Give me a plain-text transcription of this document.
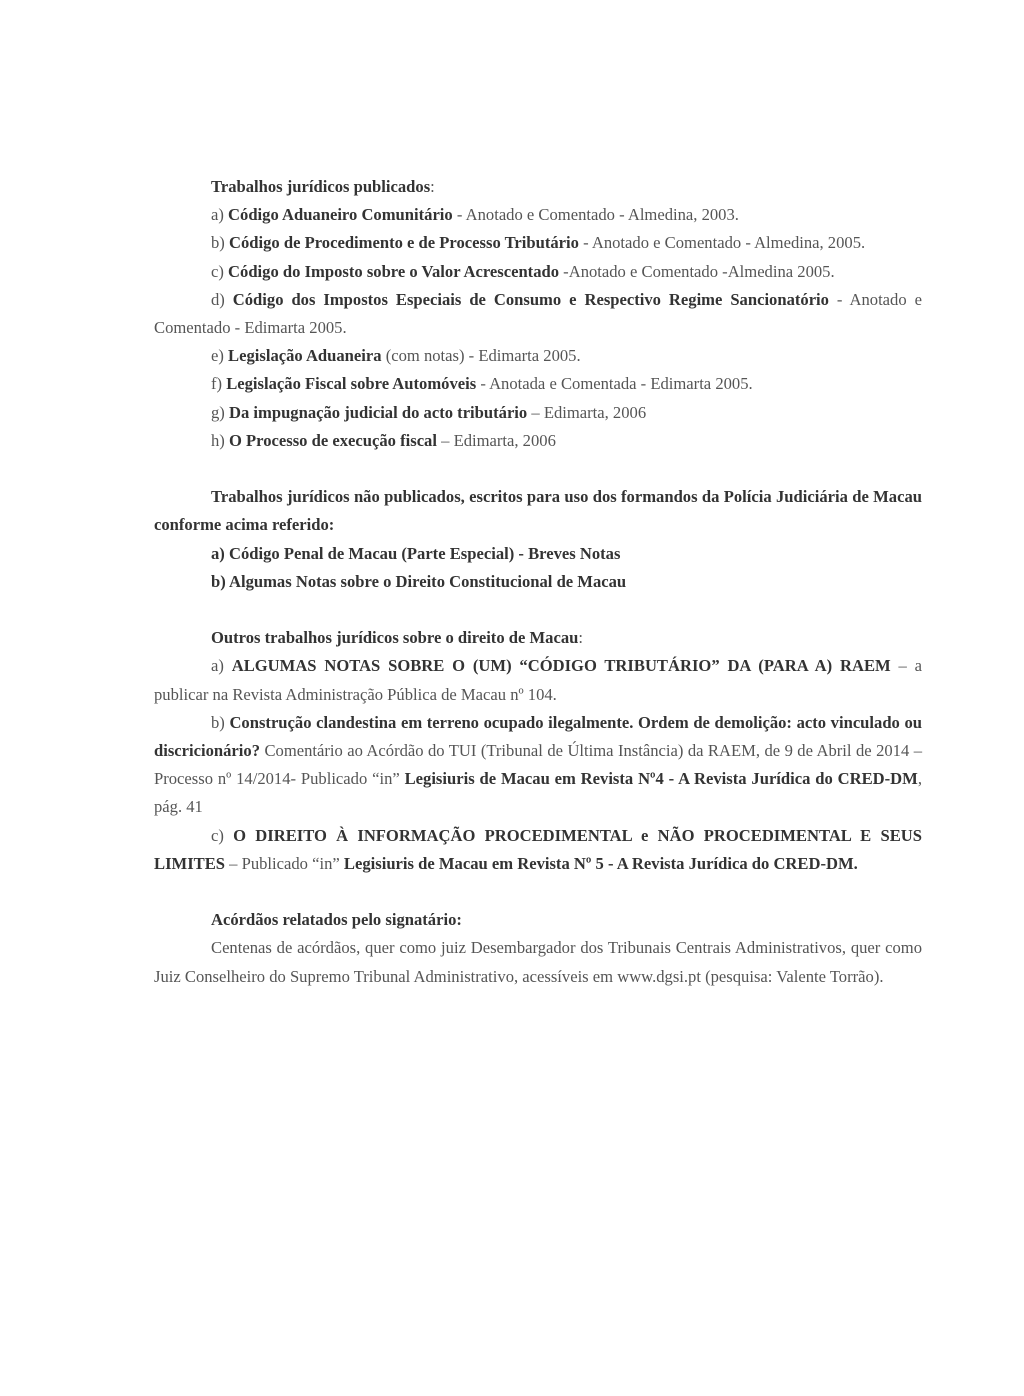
Trabalhos jurídicos publicados:

a) Código Aduaneiro Comunitário - Anotado e Comentado - Almedina, 2003.

b) Código de Procedimento e de Processo Tributário - Anotado e Comentado - Almedina, 2005.

c) Código do Imposto sobre o Valor Acrescentado -Anotado e Comentado -Almedina 2005.

d) Código dos Impostos Especiais de Consumo e Respectivo Regime Sancionatório - Anotado e Comentado - Edimarta 2005.

e) Legislação Aduaneira (com notas) - Edimarta 2005.

f) Legislação Fiscal sobre Automóveis - Anotada e Comentada - Edimarta 2005.

g) Da impugnação judicial do acto tributário – Edimarta, 2006

h) O Processo de execução fiscal – Edimarta, 2006

Trabalhos jurídicos não publicados, escritos para uso dos formandos da Polícia Judiciária de Macau conforme acima referido:

a) Código Penal de Macau (Parte Especial) - Breves Notas

b) Algumas Notas sobre o Direito Constitucional de Macau

Outros trabalhos jurídicos sobre o direito de Macau:

a) ALGUMAS NOTAS SOBRE O (UM) “CÓDIGO TRIBUTÁRIO” DA (PARA A) RAEM – a publicar na Revista Administração Pública de Macau nº 104.

b) Construção clandestina em terreno ocupado ilegalmente. Ordem de demolição: acto vinculado ou discricionário? Comentário ao Acórdão do TUI (Tribunal de Última Instância) da RAEM, de 9 de Abril de 2014 – Processo nº 14/2014- Publicado “in” Legisiuris de Macau em Revista Nº4 - A Revista Jurídica do CRED-DM, pág. 41

c) O DIREITO À INFORMAÇÃO PROCEDIMENTAL e NÃO PROCEDIMENTAL E SEUS LIMITES – Publicado “in” Legisiuris de Macau em Revista Nº 5 - A Revista Jurídica do CRED-DM.

Acórdãos relatados pelo signatário:

Centenas de acórdãos, quer como juiz Desembargador dos Tribunais Centrais Administrativos, quer como Juiz Conselheiro do Supremo Tribunal Administrativo, acessíveis em www.dgsi.pt (pesquisa: Valente Torrão).
